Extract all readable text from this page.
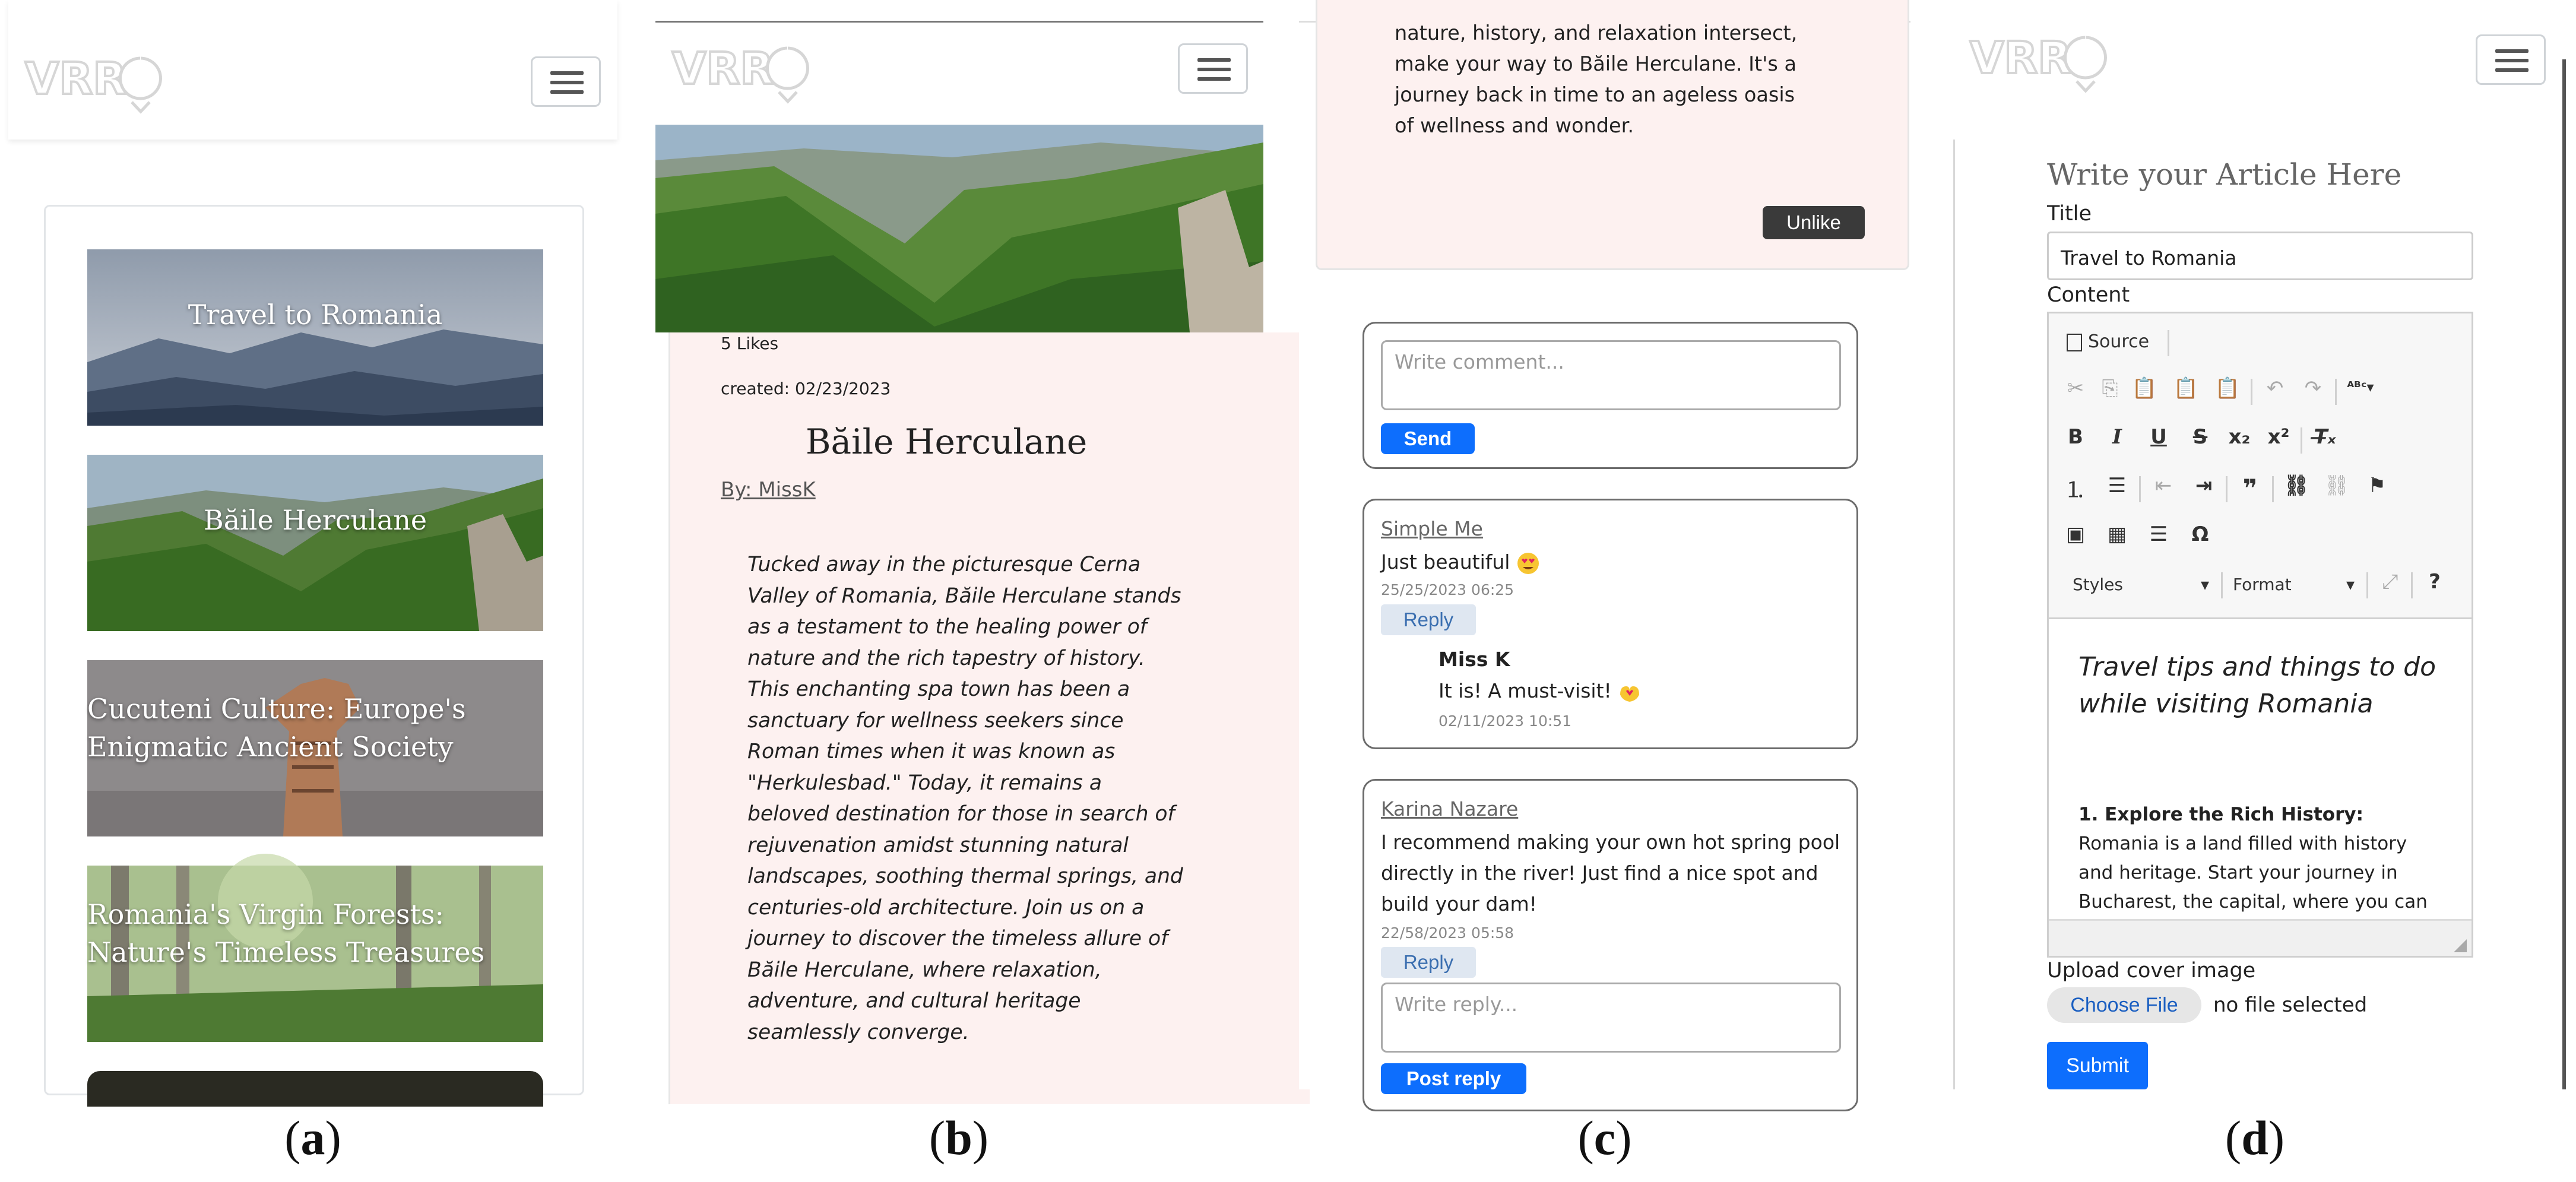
VRR
Travel to Romania
Băile Herculane
Cucuteni Culture: Europe's Enigmatic Ancient Society
Romania's Virgin Forests: Nature's Timeless Treasures
VRR
5 Likes
created: 02/23/2023
Băile Herculane
By: MissK
Tucked away in the picturesque Cerna Valley of Romania, Băile Herculane stands as a testament to the healing power of nature and the rich tapestry of history. This enchanting spa town has been a sanctuary for wellness seekers since Roman times when it was known as "Herkulesbad." Today, it remains a beloved destination for those in search of rejuvenation amidst stunning natural landscapes, soothing thermal springs, and centuries-old architecture. Join us on a journey to discover the timeless allure of Băile Herculane, where relaxation, adventure, and cultural heritage seamlessly converge.
nature, history, and relaxation intersect, make your way to Băile Herculane. It's a journey back in time to an ageless oasis of wellness and wonder.
Unlike
Write comment...
Send
Simple Me
Just beautiful
25/25/2023 06:25
Reply
Miss K
It is! A must-visit!
02/11/2023 10:51
Karina Nazare
I recommend making your own hot spring pool directly in the river! Just find a nice spot and build your dam!
22/58/2023 05:58
Reply
Write reply...
Post reply
VRR
Write your Article Here
Title
Travel to Romania
Content
Source
✂ ⎘ 📋 📋 📋	↶	↷	ᴬᴮᶜ▾
B	I	U	S	x₂ x² T̶ₓ
⒈ ☰	⇤	⇥	❞	⛓ ⛓ ⚑
▣ ▦ ☰	Ω
Styles	▾ Format	▾	⤢	?
Travel tips and things to do while visiting Romania
1. Explore the Rich History: Romania is a land filled with history and heritage. Start your journey in Bucharest, the capital, where you can
Upload cover image
Choose File	no file selected
Submit
(a)	(b)	(c)	(d)
